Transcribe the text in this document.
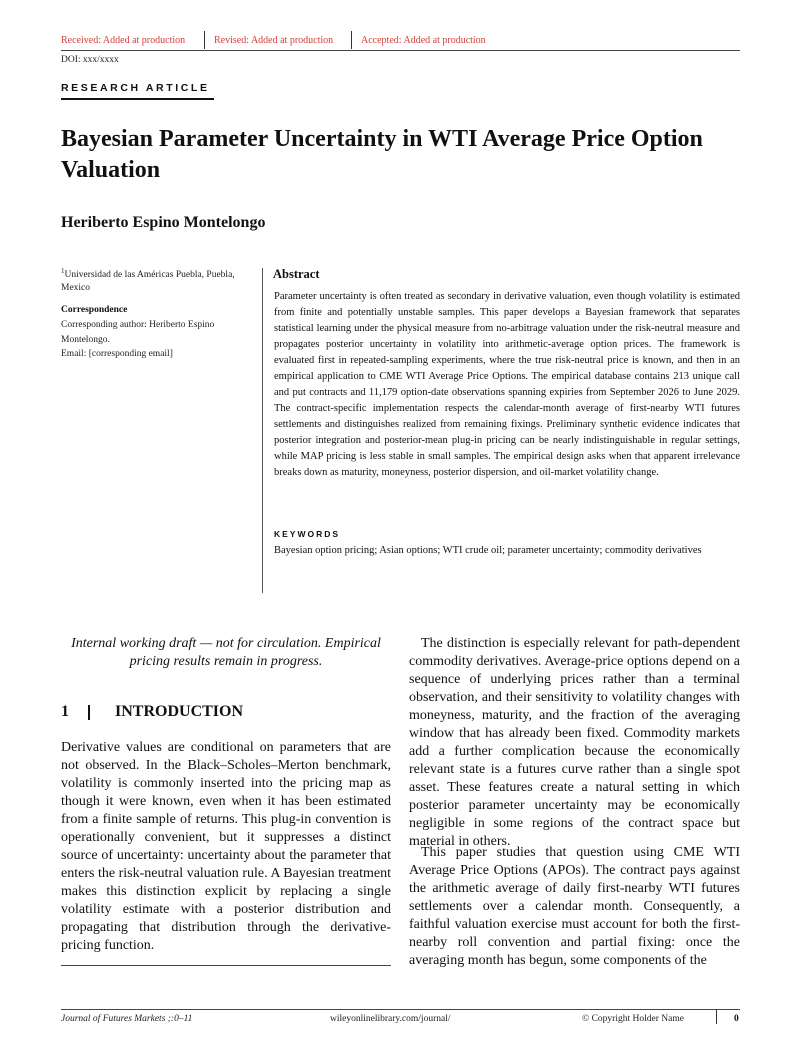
Received: Added at production	Revised: Added at production	Accepted: Added at production
DOI: xxx/xxxx
RESEARCH ARTICLE
Bayesian Parameter Uncertainty in WTI Average Price Option Valuation
Heriberto Espino Montelongo
$^1$Universidad de las Américas Puebla, Puebla, Mexico
Correspondence
Corresponding author: Heriberto Espino Montelongo.
Email: [corresponding email]
Abstract

Parameter uncertainty is often treated as secondary in derivative valuation, even though volatility is estimated from finite and potentially unstable samples. This paper develops a Bayesian framework that separates statistical learning under the physical measure from no-arbitrage valuation under the risk-neutral measure and propagates posterior uncertainty in volatility into arithmetic-average option prices. The framework is evaluated first in repeated-sampling experiments, where the true risk-neutral price is known, and then in an empirical application to CME WTI Average Price Options. The empirical database contains 213 unique call and put contracts and 11,179 option-date observations spanning expiries from September 2026 to June 2029. The contract-specific implementation respects the calendar-month average of first-nearby WTI futures settlements and distinguishes realized from remaining fixings. Preliminary synthetic evidence indicates that posterior integration and posterior-mean plug-in pricing can be nearly indistinguishable in regular settings, while MAP pricing is less stable in small samples. The empirical design asks when that apparent irrelevance breaks down as maturity, moneyness, posterior dispersion, and oil-market volatility change.

KEYWORDS

Bayesian option pricing; Asian options; WTI crude oil; parameter uncertainty; commodity derivatives

Internal working draft — not for circulation. Empirical pricing results remain in progress.

1	INTRODUCTION

Derivative values are conditional on parameters that are not observed. In the Black–Scholes–Merton benchmark, volatility is commonly inserted into the pricing map as though it were known, even when it has been estimated from a finite sample of returns. This plug-in convention is operationally convenient, but it suppresses a distinct source of uncertainty: uncertainty about the parameter that enters the risk-neutral valuation rule. A Bayesian treatment makes this distinction explicit by replacing a single volatility estimate with a posterior distribution and propagating that distribution through the derivative-pricing function.

The distinction is especially relevant for path-dependent commodity derivatives. Average-price options depend on a sequence of underlying prices rather than a terminal observation, and their sensitivity to volatility changes with moneyness, maturity, and the fraction of the averaging window that has already been fixed. Commodity markets add a further complication because the economically relevant state is a futures curve rather than a single spot asset. These features create a natural setting in which posterior parameter uncertainty may be economically negligible in some regions of the contract space but material in others.

This paper studies that question using CME WTI Average Price Options (APOs). The contract pays against the arithmetic average of daily first-nearby WTI futures settlements over a calendar month. Consequently, a faithful valuation exercise must account for both the first-nearby roll convention and partial fixing: once the averaging month has begun, some components of the

Journal of Futures Markets ;:0–11	wileyonlinelibrary.com/journal/	© Copyright Holder Name	0
